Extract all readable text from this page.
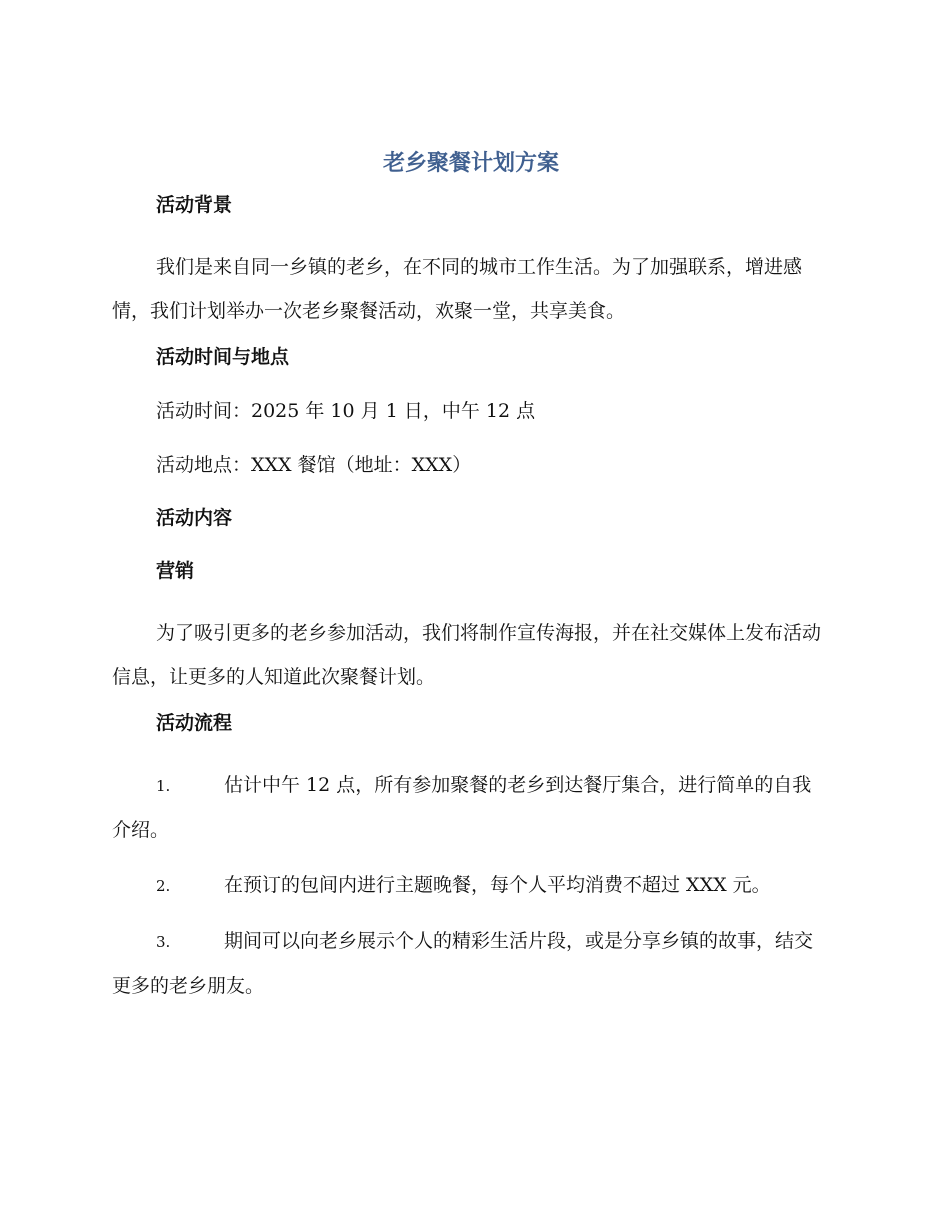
老乡聚餐计划方案
活动背景

我们是来自同一乡镇的老乡，在不同的城市工作生活。为了加强联系，增进感情，我们计划举办一次老乡聚餐活动，欢聚一堂，共享美食。

活动时间与地点
活动时间：2025 年 10 月 1 日，中午 12 点
活动地点：XXX 餐馆（地址：XXX）
活动内容
营销

为了吸引更多的老乡参加活动，我们将制作宣传海报，并在社交媒体上发布活动信息，让更多的人知道此次聚餐计划。

活动流程
1.	估计中午 12 点，所有参加聚餐的老乡到达餐厅集合，进行简单的自我介绍。
2.	在预订的包间内进行主题晚餐，每个人平均消费不超过 XXX 元。
3.	期间可以向老乡展示个人的精彩生活片段，或是分享乡镇的故事，结交更多的老乡朋友。
